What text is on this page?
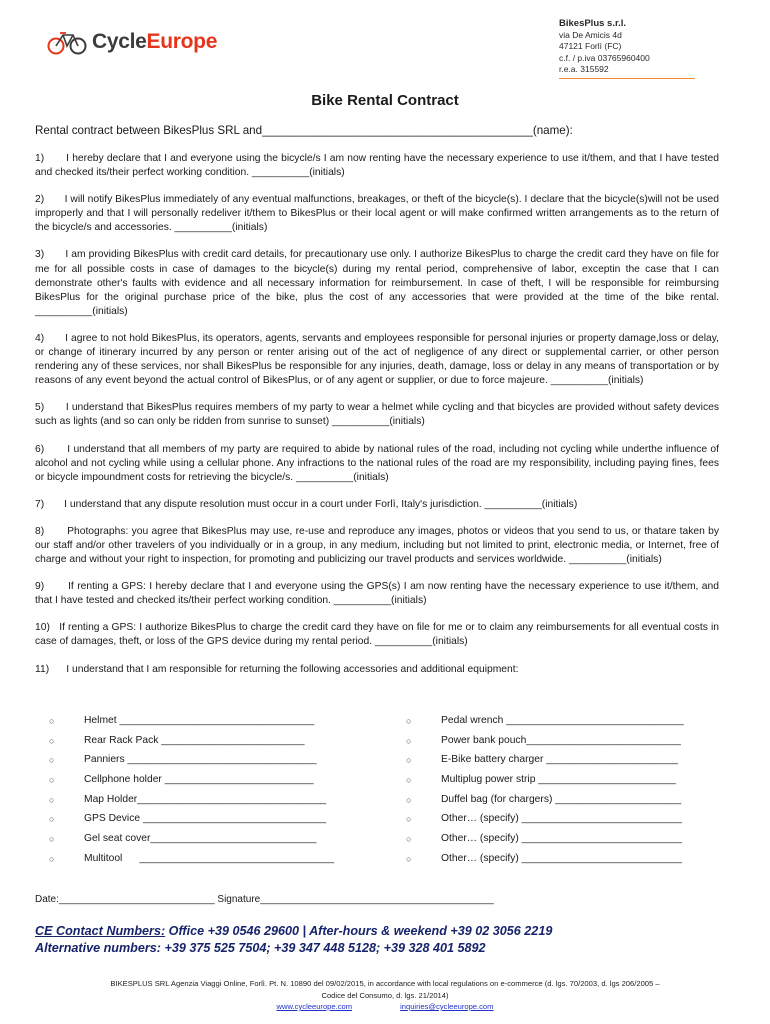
CycleEurope
BikesPlus s.r.l.
via De Amicis 4d
47121 Forlì (FC)
c.f. / p.iva 03765960400
r.e.a. 315592
Bike Rental Contract
Rental contract between BikesPlus SRL and__________________________________________(name):

1)       I hereby declare that I and everyone using the bicycle/s I am now renting have the necessary experience to use it/them, and that I have tested and checked its/their perfect working condition. __________(initials)

2)       I will notify BikesPlus immediately of any eventual malfunctions, breakages, or theft of the bicycle(s). I declare that the bicycle(s)will not be used improperly and that I will personally redeliver it/them to BikesPlus or their local agent or will make confirmed written arrangements as to the return of the bicycle/s and accessories. __________(initials)

3)       I am providing BikesPlus with credit card details, for precautionary use only. I authorize BikesPlus to charge the credit card they have on file for me for all possible costs in case of damages to the bicycle(s) during my rental period, comprehensive of labor, exceptin the case that I can demonstrate other's faults with evidence and all necessary information for reimbursement. In case of theft, I will be responsible for reimbursing BikesPlus for the original purchase price of the bike, plus the cost of any accessories that were provided at the time of the bike rental. __________(initials)

4)       I agree to not hold BikesPlus, its operators, agents, servants and employees responsible for personal injuries or property damage,loss or delay, or change of itinerary incurred by any person or renter arising out of the act of negligence of any direct or supplemental carrier, or other person rendering any of these services, nor shall BikesPlus be responsible for any injuries, death, damage, loss or delay in any means of transportation or by reasons of any event beyond the actual control of BikesPlus, or of any agent or supplier, or due to force majeure. __________(initials)

5)       I understand that BikesPlus requires members of my party to wear a helmet while cycling and that bicycles are provided without safety devices such as lights (and so can only be ridden from sunrise to sunset) __________(initials)

6)       I understand that all members of my party are required to abide by national rules of the road, including not cycling while underthe influence of alcohol and not cycling while using a cellular phone. Any infractions to the national rules of the road are my responsibility, including paying fines, fees or bicycle impoundment costs for retrieving the bicycle/s. __________(initials)

7)       I understand that any dispute resolution must occur in a court under Forlì, Italy's jurisdiction. __________(initials)

8)       Photographs: you agree that BikesPlus may use, re-use and reproduce any images, photos or videos that you send to us, or thatare taken by our staff and/or other travelers of you individually or in a group, in any medium, including but not limited to print, electronic media, or Internet, free of charge and without your right to inspection, for promoting and publicizing our travel products and services worldwide. __________(initials)

9)       If renting a GPS: I hereby declare that I and everyone using the GPS(s) I am now renting have the necessary experience to use it/them, and that I have tested and checked its/their perfect working condition. __________(initials)

10)   If renting a GPS: I authorize BikesPlus to charge the credit card they have on file for me or to claim any reimbursements for all eventual costs in case of damages, theft, or loss of the GPS device during my rental period. __________(initials)

11)      I understand that I am responsible for returning the following accessories and additional equipment:

○	Helmet __________________________________	○	Pedal wrench _______________________________
○	Rear Rack Pack _________________________	○	Power bank pouch___________________________
○	Panniers _________________________________	○	E-Bike battery charger _______________________
○	Cellphone holder __________________________	○	Multiplug power strip ________________________
○	Map Holder_________________________________	○	Duffel bag (for chargers) ______________________
○	GPS Device ________________________________	○	Other… (specify) ____________________________
○	Gel seat cover_____________________________	○	Other… (specify) ____________________________
○	Multitool      __________________________________	○	Other… (specify) ____________________________
Date:____________________________ Signature__________________________________________
CE Contact Numbers: Office +39 0546 29600 | After-hours & weekend +39 02 3056 2219
Alternative numbers: +39 375 525 7504; +39 347 448 5128; +39 328 401 5892
BIKESPLUS SRL Agenzia Viaggi Online, Forlì. Pt. N. 10890 del 09/02/2015, in accordance with local regulations on e-commerce (d. lgs. 70/2003, d. lgs 206/2005 –
Codice del Consumo, d. lgs. 21/2014)
www.cycleeurope.com	inquiries@cycleeurope.com
